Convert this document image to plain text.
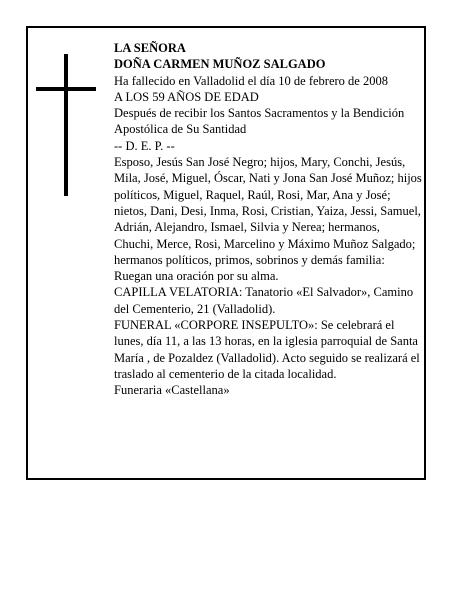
LA SEÑORA

DOÑA CARMEN MUÑOZ SALGADO

Ha fallecido en Valladolid el día 10 de febrero de 2008

A LOS 59 AÑOS DE EDAD

Después de recibir los Santos Sacramentos y la Bendición Apostólica de Su Santidad

-- D. E. P. --

Esposo, Jesús San José Negro; hijos, Mary, Conchi, Jesús, Mila, José, Miguel, Óscar, Nati y Jona San José Muñoz; hijos políticos, Miguel, Raquel, Raúl, Rosi, Mar, Ana y José; nietos, Dani, Desi, Inma, Rosi, Cristian, Yaiza, Jessi, Samuel, Adrián, Alejandro, Ismael, Silvia y Nerea; hermanos, Chuchi, Merce, Rosi, Marcelino y Máximo Muñoz Salgado; hermanos políticos, primos, sobrinos y demás familia:

Ruegan una oración por su alma.

CAPILLA VELATORIA: Tanatorio «El Salvador», Camino del Cementerio, 21 (Valladolid).

FUNERAL «CORPORE INSEPULTO»: Se celebrará el lunes, día 11, a las 13 horas, en la iglesia parroquial de Santa María , de Pozaldez (Valladolid). Acto seguido se realizará el traslado al cementerio de la citada localidad.

Funeraria «Castellana»
